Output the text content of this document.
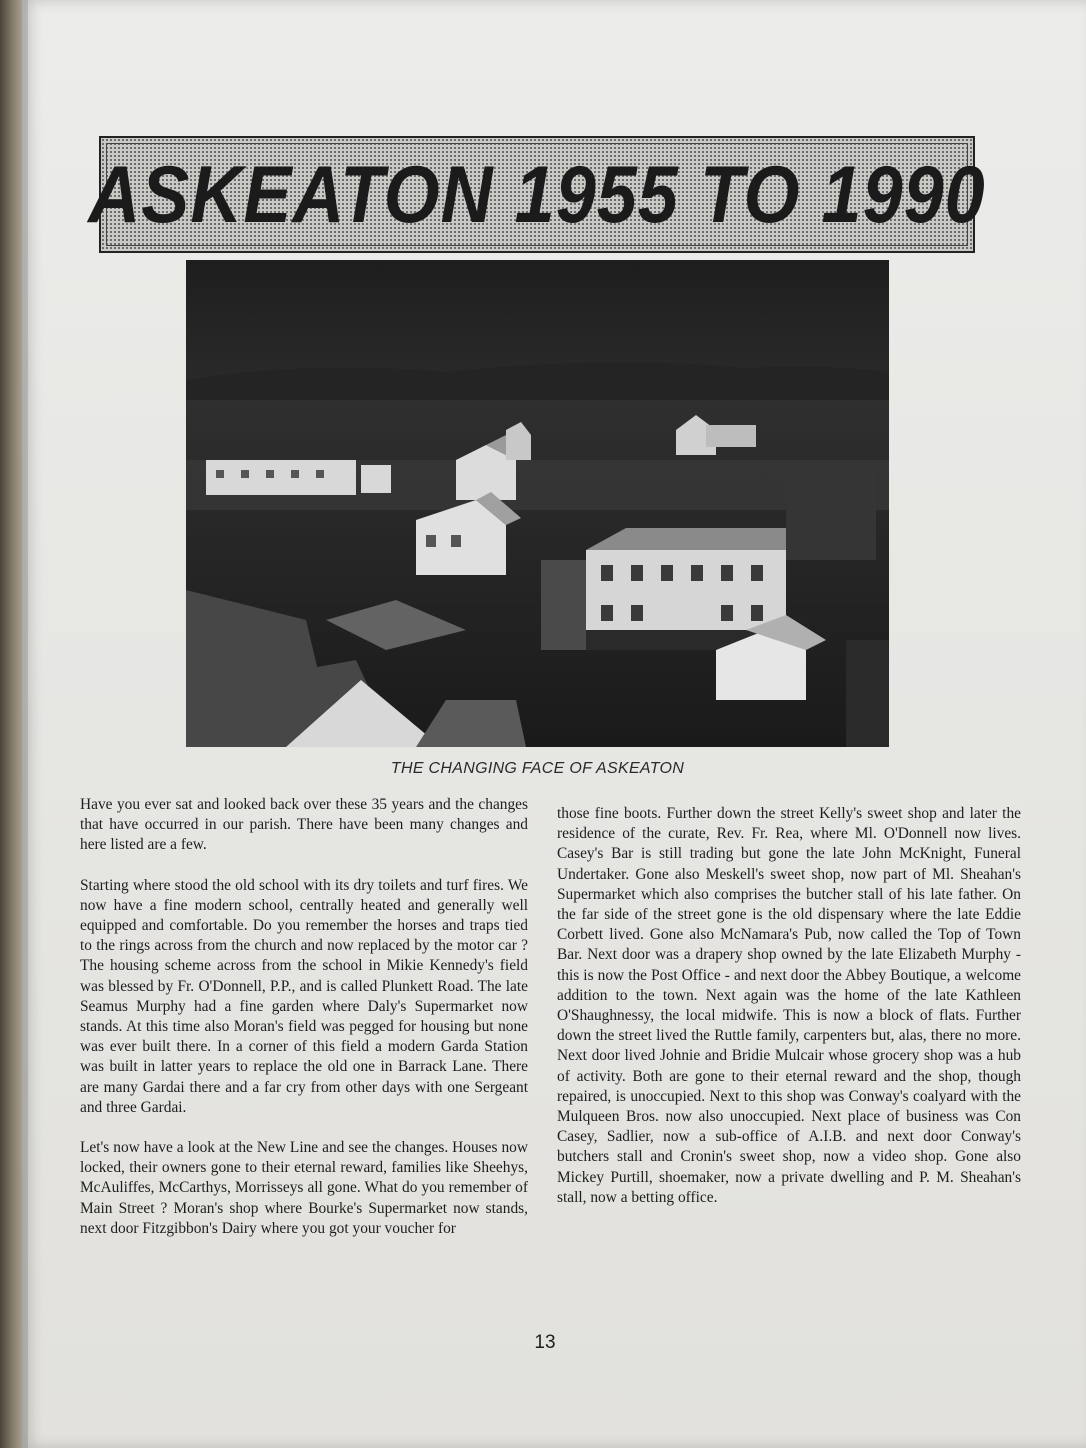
ASKEATON 1955 TO 1990
THE CHANGING FACE OF ASKEATON

Have you ever sat and looked back over these 35 years and the changes that have occurred in our parish. There have been many changes and here listed are a few.

Starting where stood the old school with its dry toilets and turf fires. We now have a fine modern school, centrally heated and generally well equipped and comfortable. Do you remember the horses and traps tied to the rings across from the church and now replaced by the motor car ? The housing scheme across from the school in Mikie Kennedy's field was blessed by Fr. O'Donnell, P.P., and is called Plunkett Road. The late Seamus Murphy had a fine garden where Daly's Supermarket now stands. At this time also Moran's field was pegged for housing but none was ever built there. In a corner of this field a modern Garda Station was built in latter years to replace the old one in Barrack Lane. There are many Gardai there and a far cry from other days with one Sergeant and three Gardai.

Let's now have a look at the New Line and see the changes. Houses now locked, their owners gone to their eternal reward, families like Sheehys, McAuliffes, McCarthys, Morrisseys all gone. What do you remember of Main Street ? Moran's shop where Bourke's Supermarket now stands, next door Fitzgibbon's Dairy where you got your voucher for

those fine boots. Further down the street Kelly's sweet shop and later the residence of the curate, Rev. Fr. Rea, where Ml. O'Donnell now lives. Casey's Bar is still trading but gone the late John McKnight, Funeral Undertaker. Gone also Meskell's sweet shop, now part of Ml. Sheahan's Supermarket which also comprises the butcher stall of his late father. On the far side of the street gone is the old dispensary where the late Eddie Corbett lived. Gone also McNamara's Pub, now called the Top of Town Bar. Next door was a drapery shop owned by the late Elizabeth Murphy - this is now the Post Office - and next door the Abbey Boutique, a welcome addition to the town. Next again was the home of the late Kathleen O'Shaughnessy, the local midwife. This is now a block of flats. Further down the street lived the Ruttle family, carpenters but, alas, there no more. Next door lived Johnie and Bridie Mulcair whose grocery shop was a hub of activity. Both are gone to their eternal reward and the shop, though repaired, is unoccupied. Next to this shop was Conway's coalyard with the Mulqueen Bros. now also unoccupied. Next place of business was Con Casey, Sadlier, now a sub-office of A.I.B. and next door Conway's butchers stall and Cronin's sweet shop, now a video shop. Gone also Mickey Purtill, shoemaker, now a private dwelling and P. M. Sheahan's stall, now a betting office.

13
